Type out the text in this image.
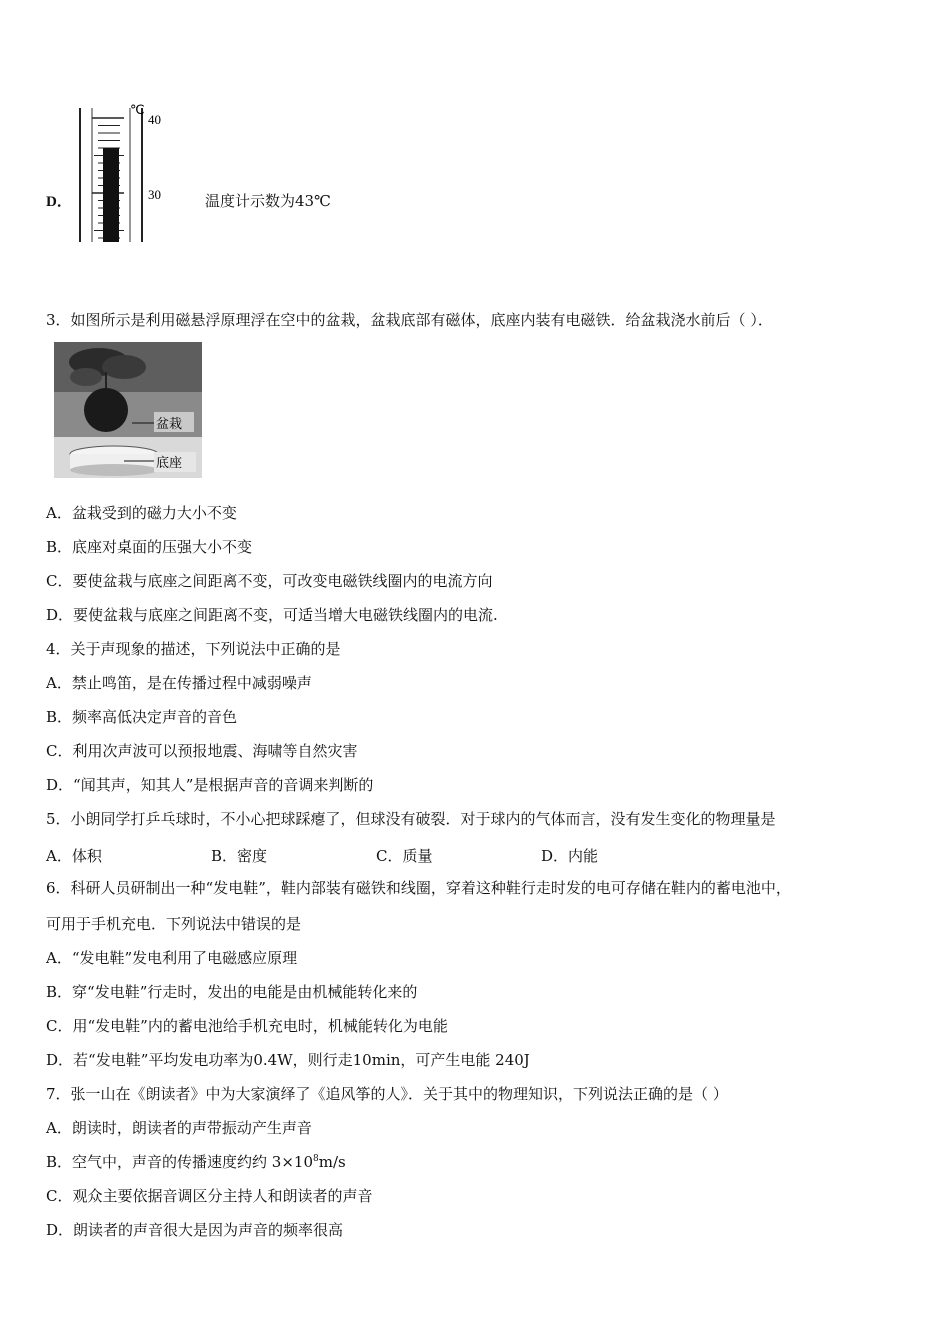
D．
℃
40
30	温度计示数为43℃
3．如图所示是利用磁悬浮原理浮在空中的盆栽，盆栽底部有磁体，底座内装有电磁铁．给盆栽浇水前后（ ）．
盆栽
底座
A．盆栽受到的磁力大小不变
B．底座对桌面的压强大小不变
C．要使盆栽与底座之间距离不变，可改变电磁铁线圈内的电流方向
D．要使盆栽与底座之间距离不变，可适当增大电磁铁线圈内的电流.
4．关于声现象的描述，下列说法中正确的是
A．禁止鸣笛，是在传播过程中减弱噪声
B．频率高低决定声音的音色
C．利用次声波可以预报地震、海啸等自然灾害
D．“闻其声，知其人”是根据声音的音调来判断的
5．小朗同学打乒乓球时，不小心把球踩瘪了，但球没有破裂．对于球内的气体而言，没有发生变化的物理量是
A．体积	B．密度	C．质量	D．内能
6．科研人员研制出一种“发电鞋”，鞋内部装有磁铁和线圈，穿着这种鞋行走时发的电可存储在鞋内的蓄电池中，
可用于手机充电．下列说法中错误的是
A．“发电鞋”发电利用了电磁感应原理
B．穿“发电鞋”行走时，发出的电能是由机械能转化来的
C．用“发电鞋”内的蓄电池给手机充电时，机械能转化为电能
D．若“发电鞋”平均发电功率为0.4W，则行走10min，可产生电能 240J
7．张一山在《朗读者》中为大家演绎了《追风筝的人》．关于其中的物理知识，下列说法正确的是（ ）
A．朗读时，朗读者的声带振动产生声音
B．空气中，声音的传播速度约约 $3\times 10^8m/s$
C．观众主要依据音调区分主持人和朗读者的声音
D．朗读者的声音很大是因为声音的频率很高
